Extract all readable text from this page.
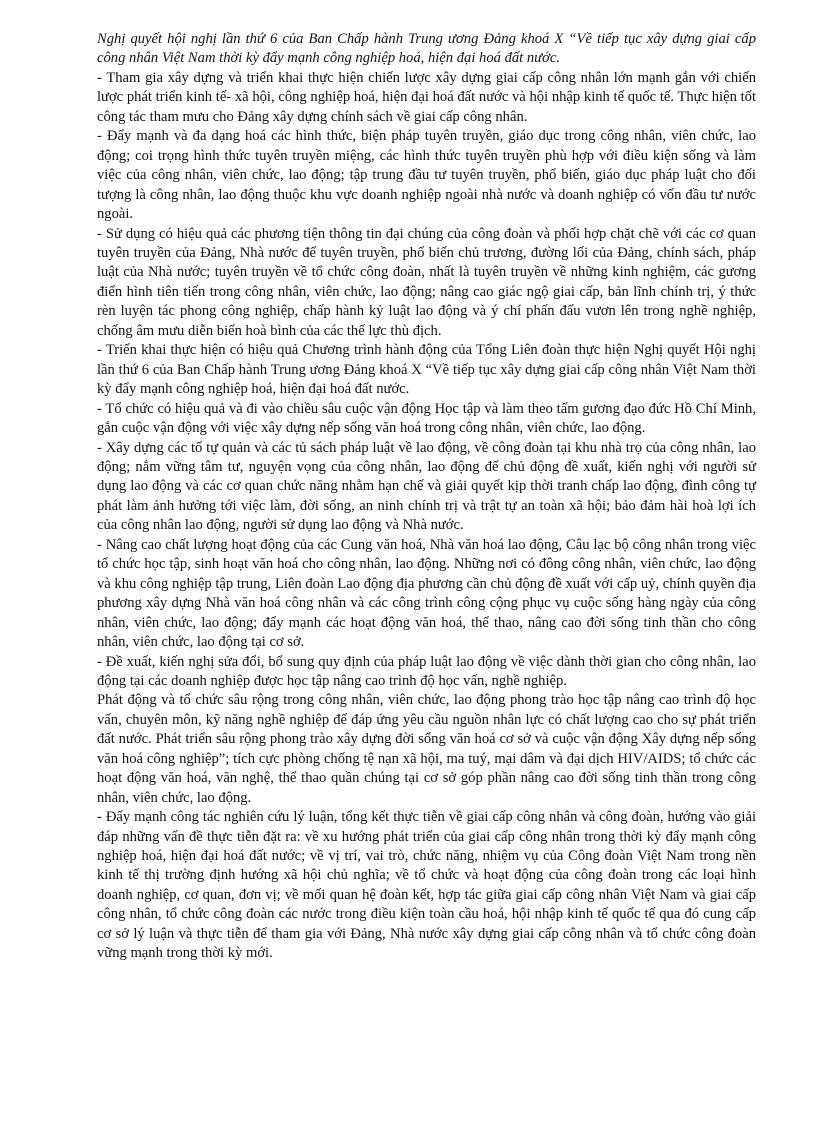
Nghị quyết hội nghị lần thứ 6 của Ban Chấp hành Trung ương Đảng khoá X “Về tiếp tục xây dựng giai cấp công nhân Việt Nam thời kỳ đẩy mạnh công nghiệp hoá, hiện đại hoá đất nước.

- Tham gia xây dựng và triển khai thực hiện chiến lược xây dựng giai cấp công nhân lớn mạnh gắn với chiến lược phát triển kinh tế- xã hội, công nghiệp hoá, hiện đại hoá đất nước và hội nhập kinh tế quốc tế. Thực hiện tốt công tác tham mưu cho Đảng xây dựng chính sách về giai cấp công nhân.

- Đẩy mạnh và đa dạng hoá các hình thức, biện pháp tuyên truyền, giáo dục trong công nhân, viên chức, lao động; coi trọng hình thức tuyên truyền miệng, các hình thức tuyên truyền phù hợp với điều kiện sống và làm việc của công nhân, viên chức, lao động; tập trung đầu tư tuyên truyền, phổ biến, giáo dục pháp luật cho đối tượng là công nhân, lao động thuộc khu vực doanh nghiệp ngoài nhà nước và doanh nghiệp có vốn đầu tư nước ngoài.

- Sử dụng có hiệu quả các phương tiện thông tin đại chúng của công đoàn và phối hợp chặt chẽ với các cơ quan tuyên truyền của Đảng, Nhà nước để tuyên truyền, phổ biến chủ trương, đường lối của Đảng, chính sách, pháp luật của Nhà nước; tuyên truyền về tổ chức công đoàn, nhất là tuyên truyền về những kinh nghiệm, các gương điển hình tiên tiến trong công nhân, viên chức, lao động; nâng cao giác ngộ giai cấp, bản lĩnh chính trị, ý thức rèn luyện tác phong công nghiệp, chấp hành kỷ luật lao động và ý chí phấn đấu vươn lên trong nghề nghiệp, chống âm mưu diễn biến hoà bình của các thế lực thù địch.

- Triển khai thực hiện có hiệu quả Chương trình hành động của Tổng Liên đoàn thực hiện Nghị quyết Hội nghị lần thứ 6 của Ban Chấp hành Trung ương Đảng khoá X “Về tiếp tục xây dựng giai cấp công nhân Việt Nam thời kỳ đẩy mạnh công nghiệp hoá, hiện đại hoá đất nước.

- Tổ chức có hiệu quả và đi vào chiều sâu cuộc vận động Học tập và làm theo tấm gương đạo đức Hồ Chí Minh, gắn cuộc vận động với việc xây dựng nếp sống văn hoá trong công nhân, viên chức, lao động.

- Xây dựng các tổ tự quản và các tủ sách pháp luật về lao động, về công đoàn tại khu nhà trọ của công nhân, lao động; nắm vững tâm tư, nguyện vọng của công nhân, lao động để chủ động đề xuất, kiến nghị với người sử dụng lao động và các cơ quan chức năng nhằm hạn chế và giải quyết kịp thời tranh chấp lao động, đình công tự phát làm ảnh hưởng tới việc làm, đời sống, an ninh chính trị và trật tự an toàn xã hội; bảo đảm hài hoà lợi ích của công nhân lao động, người sử dụng lao động và Nhà nước.

- Nâng cao chất lượng hoạt động của các Cung văn hoá, Nhà văn hoá lao động, Câu lạc bộ công nhân trong việc tổ chức học tập, sinh hoạt văn hoá cho công nhân, lao động. Những nơi có đông công nhân, viên chức, lao động và khu công nghiệp tập trung, Liên đoàn Lao động địa phương cần chủ động đề xuất với cấp uỷ, chính quyền địa phương xây dựng Nhà văn hoá công nhân và các công trình công cộng phục vụ cuộc sống hàng ngày của công nhân, viên chức, lao động; đẩy mạnh các hoạt động văn hoá, thể thao, nâng cao đời sống tinh thần cho công nhân, viên chức, lao động tại cơ sở.

- Đề xuất, kiến nghị sửa đổi, bổ sung quy định của pháp luật lao động về việc dành thời gian cho công nhân, lao động tại các doanh nghiệp được học tập nâng cao trình độ học vấn, nghề nghiệp.

Phát động và tổ chức sâu rộng trong công nhân, viên chức, lao động phong trào học tập nâng cao trình độ học vấn, chuyên môn, kỹ năng nghề nghiệp để đáp ứng yêu cầu nguồn nhân lực có chất lượng cao cho sự phát triển đất nước. Phát triển sâu rộng phong trào xây dựng đời sống văn hoá cơ sở và cuộc vận động Xây dựng nếp sống văn hoá công nghiệp”; tích cực phòng chống tệ nạn xã hội, ma tuý, mại dâm và đại dịch HIV/AIDS; tổ chức các hoạt động văn hoá, văn nghệ, thể thao quần chúng tại cơ sở góp phần nâng cao đời sống tinh thần trong công nhân, viên chức, lao động.

- Đẩy mạnh công tác nghiên cứu lý luận, tổng kết thực tiễn về giai cấp công nhân và công đoàn, hướng vào giải đáp những vấn đề thực tiễn đặt ra: về xu hướng phát triển của giai cấp công nhân trong thời kỳ đẩy mạnh công nghiệp hoá, hiện đại hoá đất nước; về vị trí, vai trò, chức năng, nhiệm vụ của Công đoàn Việt Nam trong nền kinh tế thị trường định hướng xã hội chủ nghĩa; về tổ chức và hoạt động của công đoàn trong các loại hình doanh nghiệp, cơ quan, đơn vị; về mối quan hệ đoàn kết, hợp tác giữa giai cấp công nhân Việt Nam và giai cấp công nhân, tổ chức công đoàn các nước trong điều kiện toàn cầu hoá, hội nhập kinh tế quốc tế qua đó cung cấp cơ sở lý luận và thực tiễn để tham gia với Đảng, Nhà nước xây dựng giai cấp công nhân và tổ chức công đoàn vững mạnh trong thời kỳ mới.
